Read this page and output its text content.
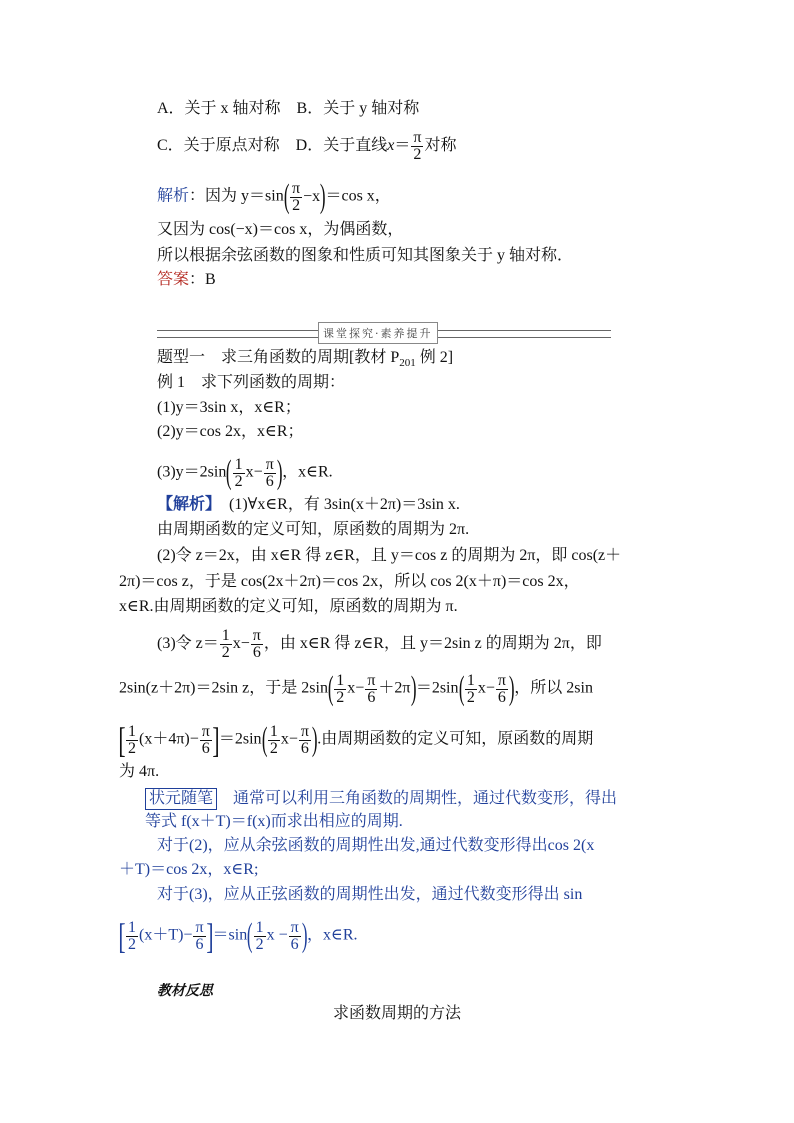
A．关于 x 轴对称　B．关于 y 轴对称
C．关于原点对称　D．关于直线$x= \frac{\pi}{2}$ 对称
解析：因为 $y=\sin( \frac{\pi}{2} -x)=\cos$ x，
又因为 cos(−x)＝cos x，为偶函数，
所以根据余弦函数的图象和性质可知其图象关于 y 轴对称．
答案：B
课堂探究·素养提升
题型一　求三角函数的周期[教材 $P_{201}$ 例 2]
例 1　求下列函数的周期：
(1)y＝3sin x，x∈R；
(2)y＝cos 2x，x∈R；
$(3)y=2\sin( \frac{1}{2} x- \frac{\pi}{6}$ )，x∈R.
【解析】　(1)∀x∈R，有 3sin(x＋2π)＝3sin x.
由周期函数的定义可知，原函数的周期为 2π.
(2)令 z＝2x，由 x∈R 得 z∈R，且 y＝cos z 的周期为 2π，即 cos(z＋
2π)＝cos z，于是 cos(2x＋2π)＝cos 2x，所以 cos 2(x＋π)＝cos 2x，
x∈R.由周期函数的定义可知，原函数的周期为 π.
(3)令 $z= \frac{1}{2} x- \frac{\pi}{6}$ ，由 x∈R 得 z∈R，且 y＝2sin z 的周期为 2π，即
2sin(z＋2π)＝2sin z，于是 $2\sin( \frac{1}{2} x- \frac{\pi}{6} +2\pi)=2\sin( \frac{1}{2} x- \frac{\pi}{6}$ )，所以 2sin
[ $\frac{1}{2} (x+4\pi)- \frac{\pi}{6} ]=2\sin( \frac{1}{2} x- \frac{\pi}{6}$ ).由周期函数的定义可知，原函数的周期
为 4π.
状元随笔　通常可以利用三角函数的周期性，通过代数变形，得出
等式 f(x＋T)＝f(x)而求出相应的周期.
对于(2)，应从余弦函数的周期性出发,通过代数变形得出cos 2(x
＋T)＝cos 2x，x∈R;
对于(3)，应从正弦函数的周期性出发，通过代数变形得出 sin
[ $\frac{1}{2} (x+T)- \frac{\pi}{6} ]=\sin( \frac{1}{2}$ $x - \frac{\pi}{6}$ )，x∈R.
教材反思
求函数周期的方法
